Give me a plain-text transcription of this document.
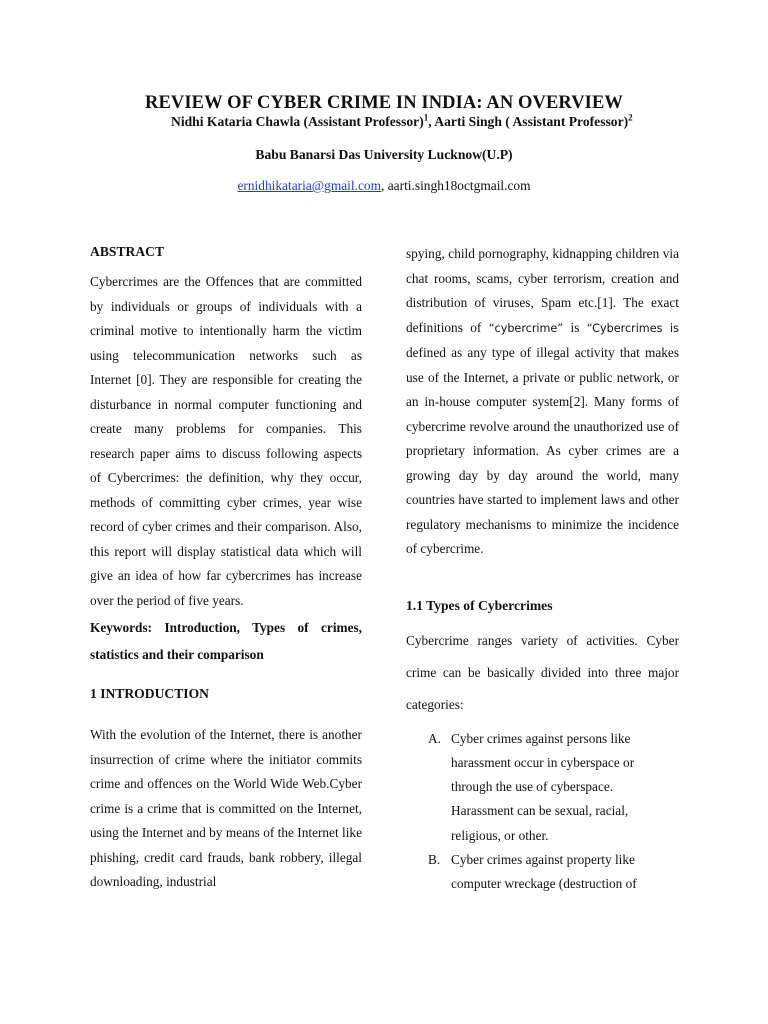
REVIEW OF CYBER CRIME IN INDIA: AN OVERVIEW
Nidhi Kataria Chawla (Assistant Professor)$^1$, Aarti Singh ( Assistant Professor)$^2$
Babu Banarsi Das University Lucknow(U.P)
ernidhikataria@gmail.com, aarti.singh18octgmail.com

ABSTRACT

Cybercrimes are the Offences that are committed by individuals or groups of individuals with a criminal motive to intentionally harm the victim using telecommunication networks such as Internet [0]. They are responsible for creating the disturbance in normal computer functioning and create many problems for companies. This research paper aims to discuss following aspects of Cybercrimes: the definition, why they occur, methods of committing cyber crimes, year wise record of cyber crimes and their comparison. Also, this report will display statistical data which will give an idea of how far cybercrimes has increase over the period of five years.

Keywords: Introduction, Types of crimes, statistics and their comparison

1 INTRODUCTION

With the evolution of the Internet, there is another insurrection of crime where the initiator commits crime and offences on the World Wide Web.Cyber crime is a crime that is committed on the Internet, using the Internet and by means of the Internet like phishing, credit card frauds, bank robbery, illegal downloading, industrial

spying, child pornography, kidnapping children via chat rooms, scams, cyber terrorism, creation and distribution of viruses, Spam etc.[1]. The exact definitions of “cybercrime” is “Cybercrimes is defined as any type of illegal activity that makes use of the Internet, a private or public network, or an in-house computer system[2]. Many forms of cybercrime revolve around the unauthorized use of proprietary information. As cyber crimes are a growing day by day around the world, many countries have started to implement laws and other regulatory mechanisms to minimize the incidence of cybercrime.

1.1 Types of Cybercrimes

Cybercrime ranges variety of activities. Cyber crime can be basically divided into three major categories:

A. Cyber crimes against persons like harassment occur in cyberspace or through the use of cyberspace. Harassment can be sexual, racial, religious, or other.
B. Cyber crimes against property like computer wreckage (destruction of
